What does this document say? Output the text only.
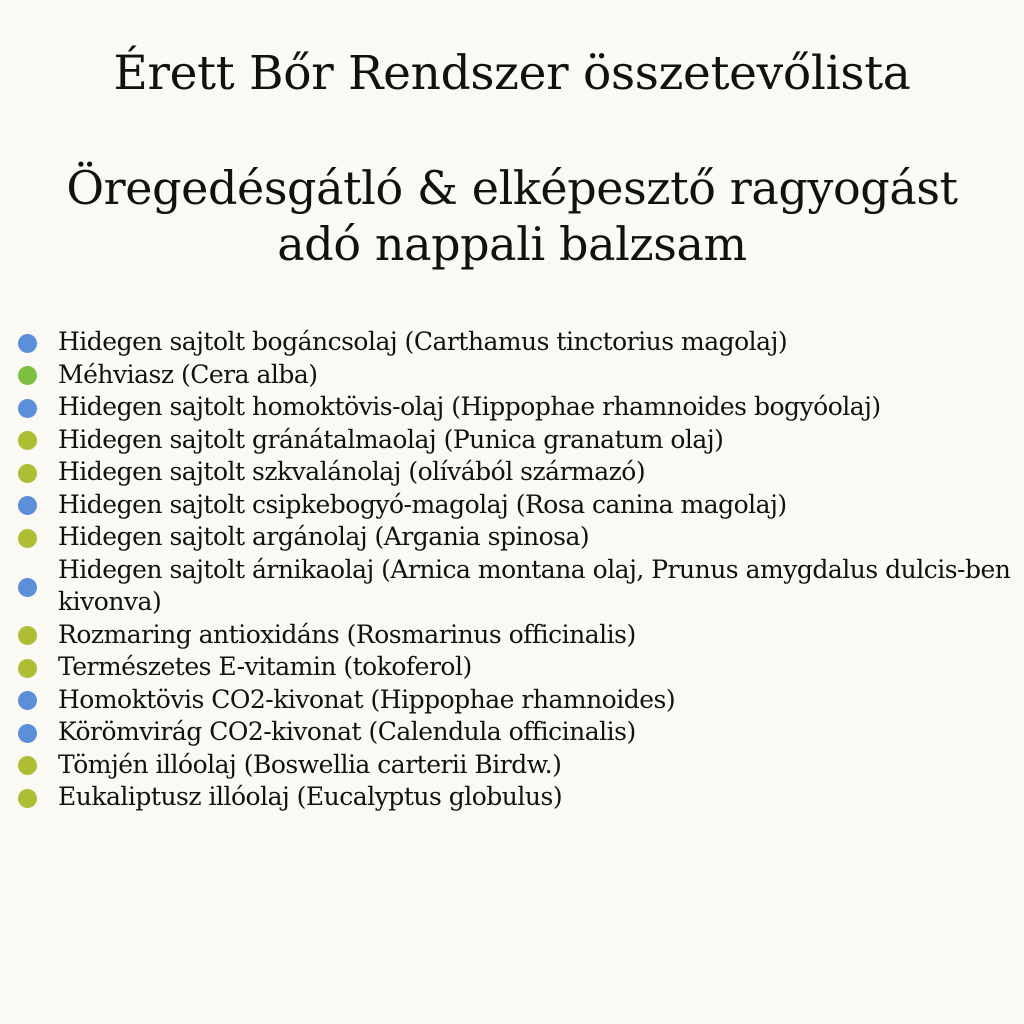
Érett Bőr Rendszer összetevőlista
Öregedésgátló & elképesztő ragyogást adó nappali balzsam
Hidegen sajtolt bogáncsolaj (Carthamus tinctorius magolaj)
Méhviasz (Cera alba)
Hidegen sajtolt homoktövis-olaj (Hippophae rhamnoides bogyóolaj)
Hidegen sajtolt gránátalmaolaj (Punica granatum olaj)
Hidegen sajtolt szkvalánolaj (olívából származó)
Hidegen sajtolt csipkebogyó-magolaj (Rosa canina magolaj)
Hidegen sajtolt argánolaj (Argania spinosa)
Hidegen sajtolt árnikaolaj (Arnica montana olaj, Prunus amygdalus dulcis-ben kivonva)
Rozmaring antioxidáns (Rosmarinus officinalis)
Természetes E-vitamin (tokoferol)
Homoktövis CO2-kivonat (Hippophae rhamnoides)
Körömvirág CO2-kivonat (Calendula officinalis)
Tömjén illóolaj (Boswellia carterii Birdw.)
Eukaliptusz illóolaj (Eucalyptus globulus)
